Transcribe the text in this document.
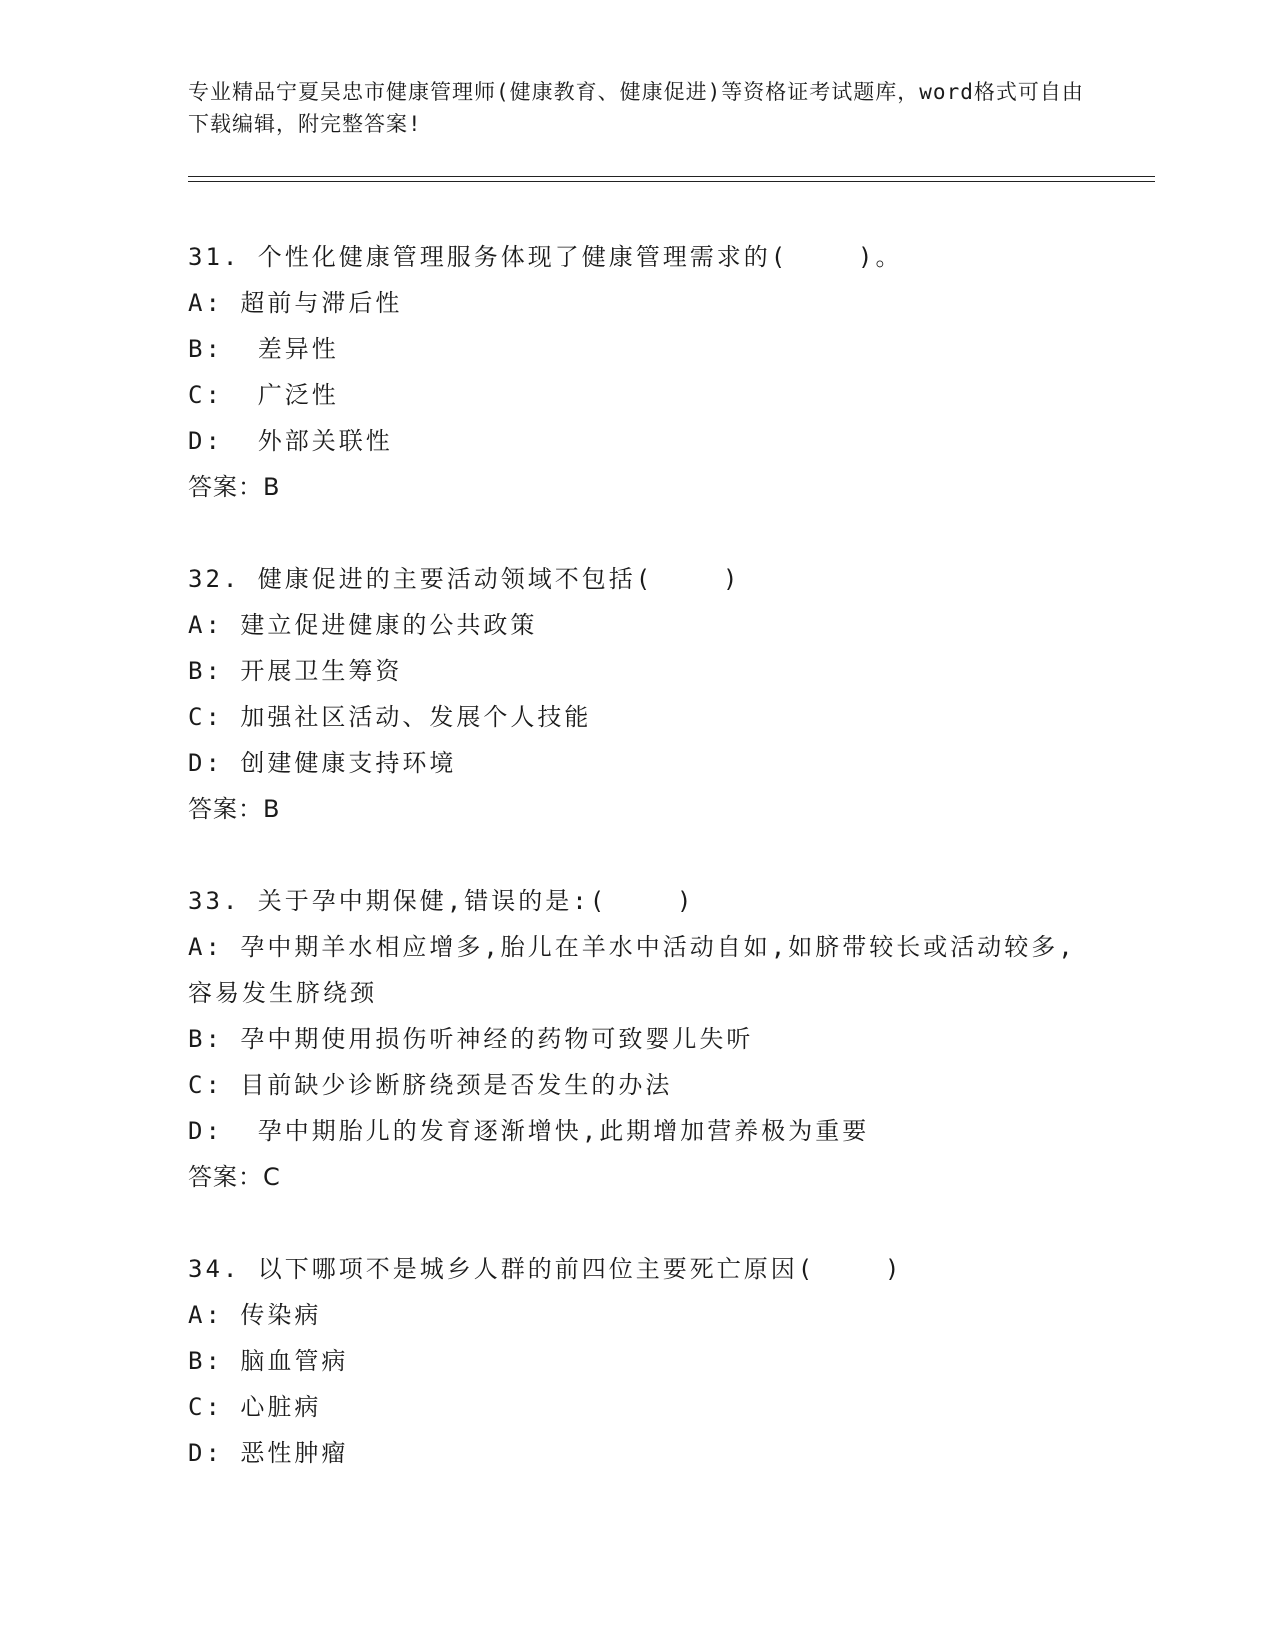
专业精品宁夏吴忠市健康管理师(健康教育、健康促进)等资格证考试题库，word格式可自由下载编辑，附完整答案!
31. 个性化健康管理服务体现了健康管理需求的(    )。
A: 超前与滞后性
B:  差异性
C:  广泛性
D:  外部关联性
答案：B
32. 健康促进的主要活动领域不包括(    )
A: 建立促进健康的公共政策
B: 开展卫生筹资
C: 加强社区活动、发展个人技能
D: 创建健康支持环境
答案：B
33. 关于孕中期保健,错误的是:(    )
A: 孕中期羊水相应增多,胎儿在羊水中活动自如,如脐带较长或活动较多,容易发生脐绕颈
B: 孕中期使用损伤听神经的药物可致婴儿失听
C: 目前缺少诊断脐绕颈是否发生的办法
D:  孕中期胎儿的发育逐渐增快,此期增加营养极为重要
答案：C
34. 以下哪项不是城乡人群的前四位主要死亡原因(    )
A: 传染病
B: 脑血管病
C: 心脏病
D: 恶性肿瘤
